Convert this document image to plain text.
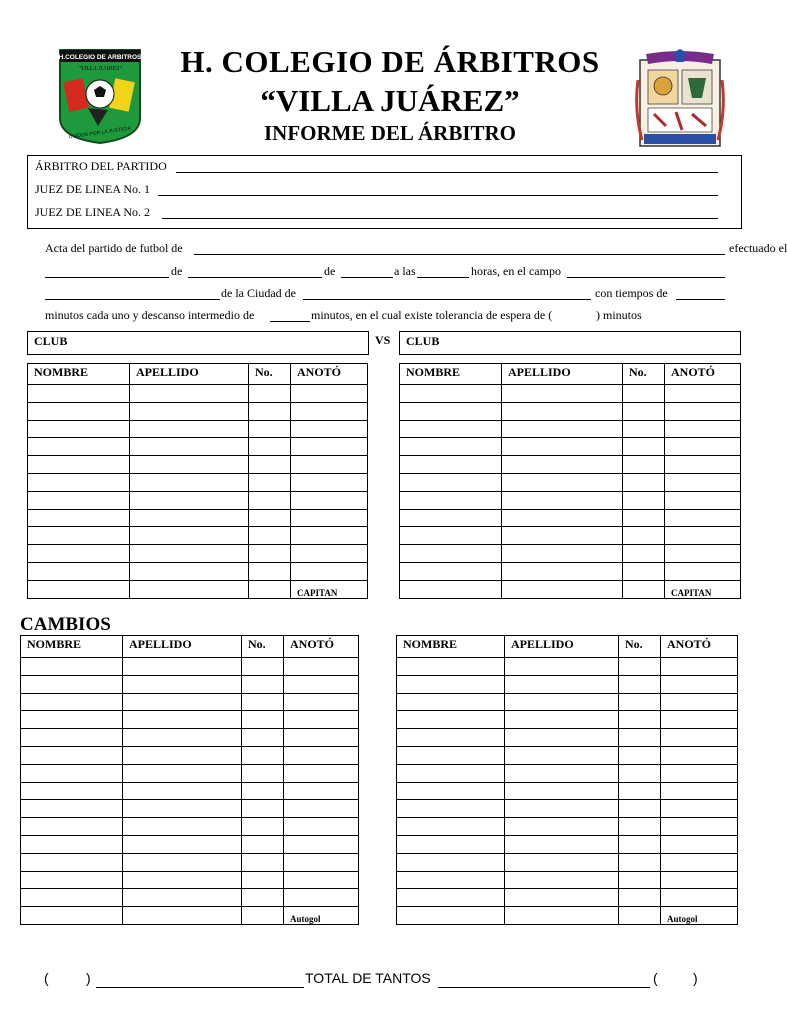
H.COLEGIO DE ARBITROS
"VILLA JUAREZ"
UNIDOS POR LA JUSTICIA
H. COLEGIO DE ÁRBITROS
“VILLA JUÁREZ”
INFORME DEL ÁRBITRO
ÁRBITRO DEL PARTIDO
JUEZ DE LINEA No. 1
JUEZ DE LINEA No. 2
Acta del partido de futbol de	efectuado el
de	de	a las	horas, en el campo
de la Ciudad de	con tiempos de
minutos cada uno y descanso intermedio de	minutos, en el cual existe tolerancia de espera de (	) minutos
CLUB	VS	CLUB
NOMBRE	APELLIDO	No.	ANOTÓ

			CAPITAN
NOMBRE	APELLIDO	No.	ANOTÓ

			CAPITAN
CAMBIOS
NOMBRE	APELLIDO	No.	ANOTÓ

			Autogol
NOMBRE	APELLIDO	No.	ANOTÓ

			Autogol
(	)	TOTAL DE TANTOS	(	)
